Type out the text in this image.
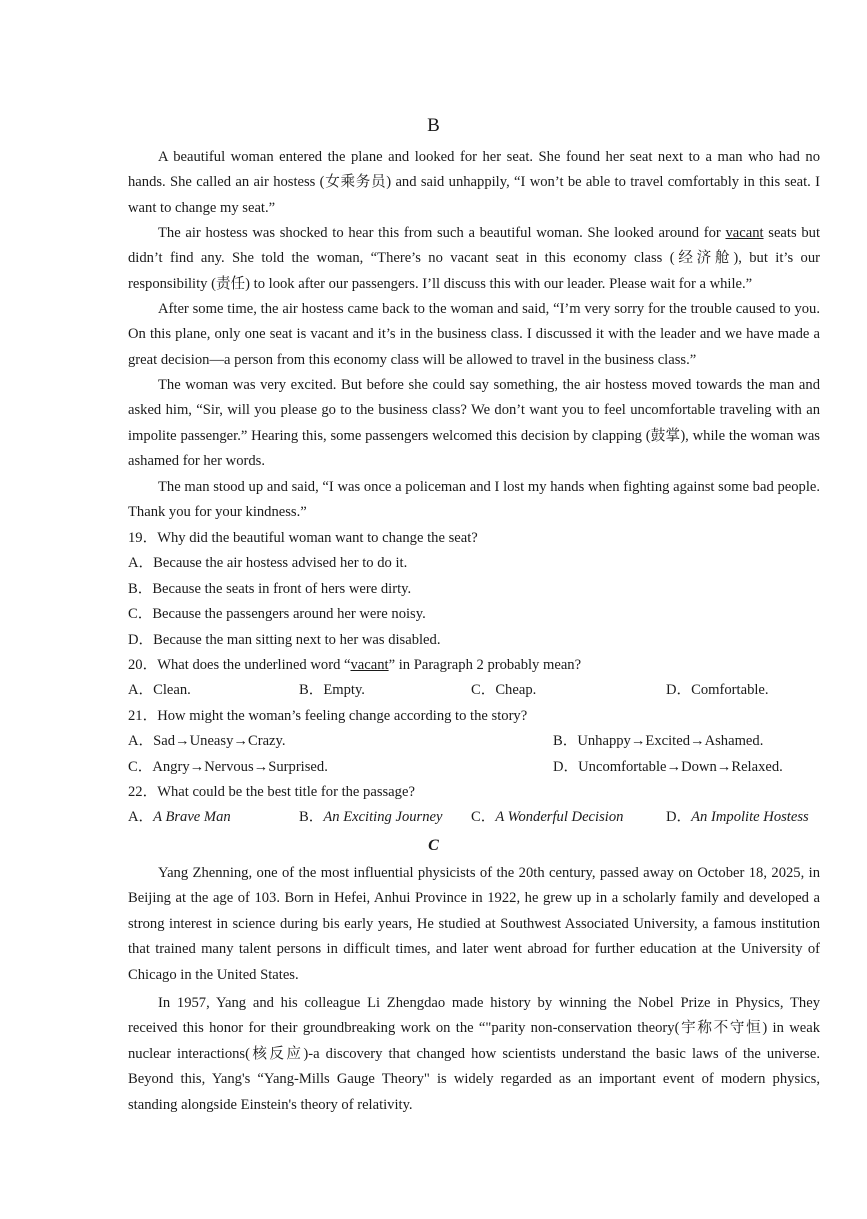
B

A beautiful woman entered the plane and looked for her seat. She found her seat next to a man who had no hands. She called an air hostess (女乘务员) and said unhappily, “I won’t be able to travel comfortably in this seat. I want to change my seat.”

The air hostess was shocked to hear this from such a beautiful woman. She looked around for vacant seats but didn’t find any. She told the woman, “There’s no vacant seat in this economy class (经济舱), but it’s our responsibility (责任) to look after our passengers. I’ll discuss this with our leader. Please wait for a while.”

After some time, the air hostess came back to the woman and said, “I’m very sorry for the trouble caused to you. On this plane, only one seat is vacant and it’s in the business class. I discussed it with the leader and we have made a great decision—a person from this economy class will be allowed to travel in the business class.”

The woman was very excited. But before she could say something, the air hostess moved towards the man and asked him, “Sir, will you please go to the business class? We don’t want you to feel uncomfortable traveling with an impolite passenger.” Hearing this, some passengers welcomed this decision by clapping (鼓掌), while the woman was ashamed for her words.

The man stood up and said, “I was once a policeman and I lost my hands when fighting against some bad people. Thank you for your kindness.”

19．Why did the beautiful woman want to change the seat?
A．Because the air hostess advised her to do it.
B．Because the seats in front of hers were dirty.
C．Because the passengers around her were noisy.
D．Because the man sitting next to her was disabled.
20．What does the underlined word “vacant” in Paragraph 2 probably mean?
A．Clean.	B．Empty.	C．Cheap.	D．Comfortable.
21．How might the woman’s feeling change according to the story?
A．Sad→Uneasy→Crazy.	B．Unhappy→Excited→Ashamed.
C．Angry→Nervous→Surprised.	D．Uncomfortable→Down→Relaxed.
22．What could be the best title for the passage?
A．A Brave Man	B．An Exciting Journey C．A Wonderful Decision	D．An Impolite Hostess
C

Yang Zhenning, one of the most influential physicists of the 20th century, passed away on October 18, 2025, in Beijing at the age of 103. Born in Hefei, Anhui Province in 1922, he grew up in a scholarly family and developed a strong interest in science during bis early years, He studied at Southwest Associated University, a famous institution that trained many talent persons in difficult times, and later went abroad for further education at the University of Chicago in the United States.

In 1957, Yang and his colleague Li Zhengdao made history by winning the Nobel Prize in Physics, They received this honor for their groundbreaking work on the “"parity non-conservation theory(宇称不守恒) in weak nuclear interactions(核反应)-a discovery that changed how scientists understand the basic laws of the universe. Beyond this, Yang's “Yang-Mills Gauge Theory" is widely regarded as an important event of modern physics, standing alongside Einstein's theory of relativity.
